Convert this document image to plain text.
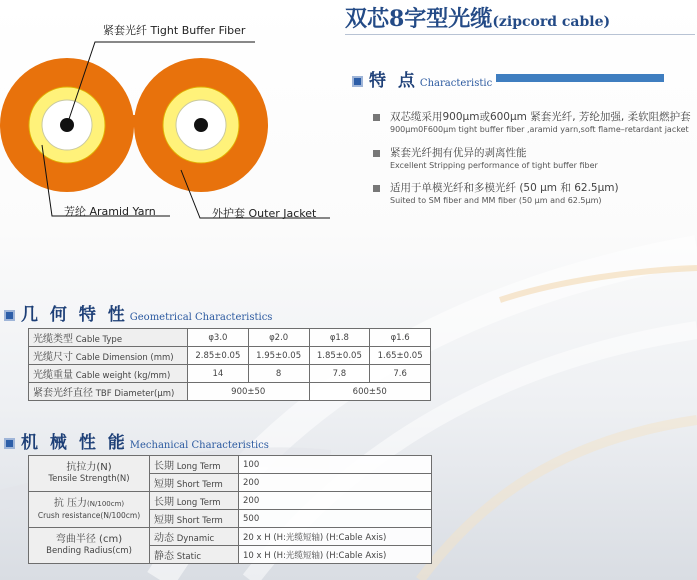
双芯8字型光缆(zipcord cable)
紧套光纤 Tight Buffer Fiber
芳纶 Aramid Yarn	外护套 Outer Jacket
特 点 Characteristic
双芯缆采用900μm或600μm 紧套光纤, 芳纶加强, 柔软阻燃护套
900μm0F600μm tight buffer fiber ,aramid yarn,soft flame–retardant jacket
紧套光纤拥有优异的剥离性能
Excellent Stripping performance of tight buffer fiber
适用于单模光纤和多模光纤 (50 μm 和 62.5μm)
Suited to SM fiber and MM fiber (50 μm and 62.5μm)
几 何 特 性 Geometrical Characteristics
光缆类型 Cable Type	φ3.0	φ2.0	φ1.8	φ1.6
光缆尺寸 Cable Dimension (mm)	2.85±0.05	1.95±0.05	1.85±0.05	1.65±0.05
光缆重量 Cable weight (kg/mm)	14	8	7.8	7.6
紧套光纤直径 TBF Diameter(μm)	900±50		600±50	
机 械 性 能 Mechanical Characteristics
抗拉力(N)
Tensile Strength(N)	长期 Long Term	100
	短期 Short Term	200
抗 压力(N/100cm)
Crush resistance(N/100cm)	长期 Long Term	200
	短期 Short Term	500
弯曲半径 (cm)
Bending Radius(cm)	动态 Dynamic	20 x H (H:光缆短轴) (H:Cable Axis)
	静态 Static	10 x H (H:光缆短轴) (H:Cable Axis)
